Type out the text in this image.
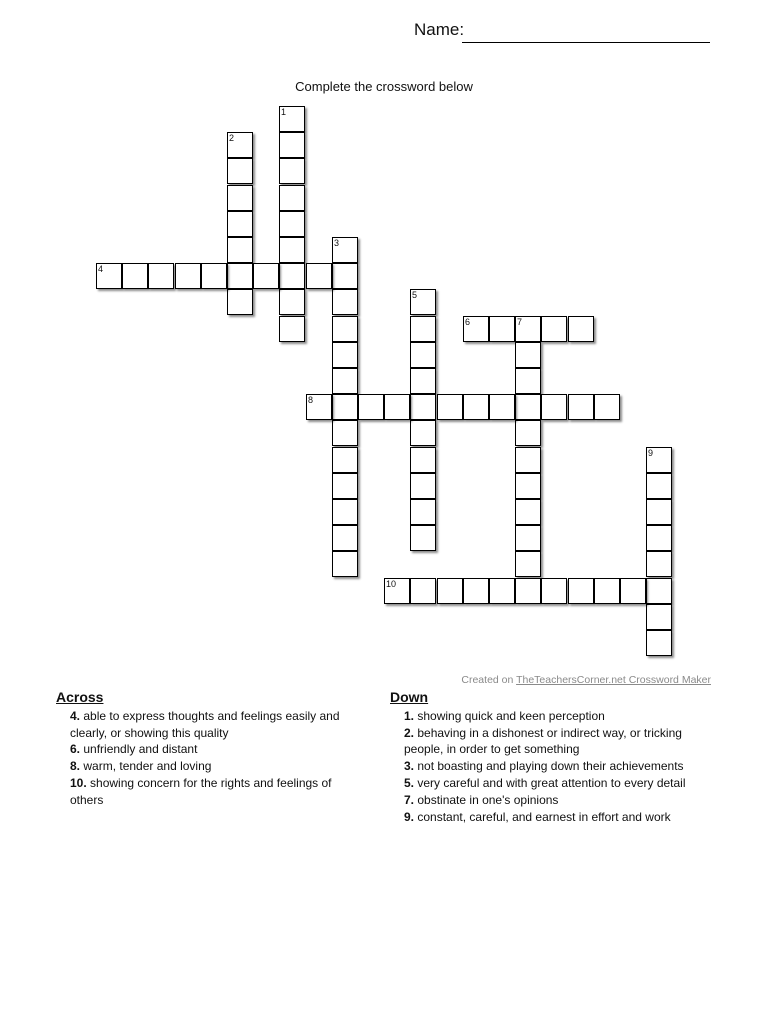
Name:
Complete the crossword below
1
2
3
4
5
6	7
8
9
10
Created on TheTeachersCorner.net Crossword Maker
Across
4. able to express thoughts and feelings easily and clearly, or showing this quality
6. unfriendly and distant
8. warm, tender and loving
10. showing concern for the rights and feelings of others
Down
1. showing quick and keen perception
2. behaving in a dishonest or indirect way, or tricking people, in order to get something
3. not boasting and playing down their achievements
5. very careful and with great attention to every detail
7. obstinate in one's opinions
9. constant, careful, and earnest in effort and work
